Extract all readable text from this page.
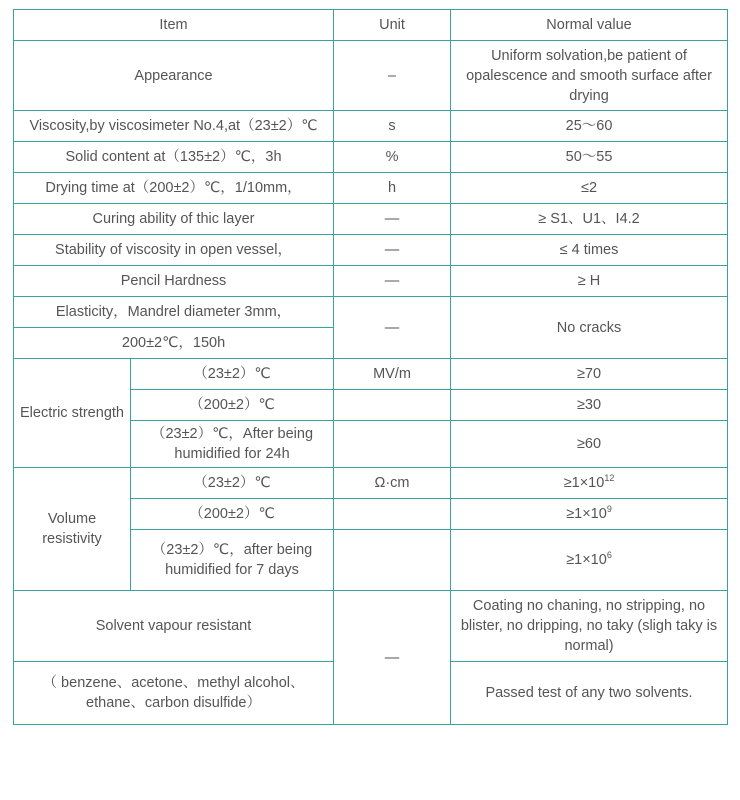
Item		Unit	Normal value
Appearance		–	Uniform solvation,be patient of opalescence and smooth surface after drying
Viscosity,by viscosimeter No.4,at（23±2）℃		s	25～60
Solid content at（135±2）℃，3h		%	50～55
Drying time at（200±2）℃，1/10mm，		h	≤2
Curing ability of thic layer		—	≥ S1、U1、I4.2
Stability of viscosity in open vessel，		—	≤ 4 times
Pencil Hardness		—	≥ H
Elasticity，Mandrel diameter 3mm，		—	No cracks
200±2℃，150h			
Electric strength	（23±2）℃	MV/m	≥70
	（200±2）℃		≥30
	（23±2）℃，After being humidified for 24h		≥60
Volume resistivity	（23±2）℃	Ω·cm	$\ge 1\times 10^{12}$
	（200±2）℃		$\ge 1\times 10^9$
	（23±2）℃，after being humidified for 7 days		$\ge 1\times 10^6$
Solvent vapour resistant		—	Coating no chaning, no stripping, no blister, no dripping, no taky (sligh taky is normal)
（ benzene、acetone、methyl alcohol、ethane、carbon disulfide）			Passed test of any two solvents.
